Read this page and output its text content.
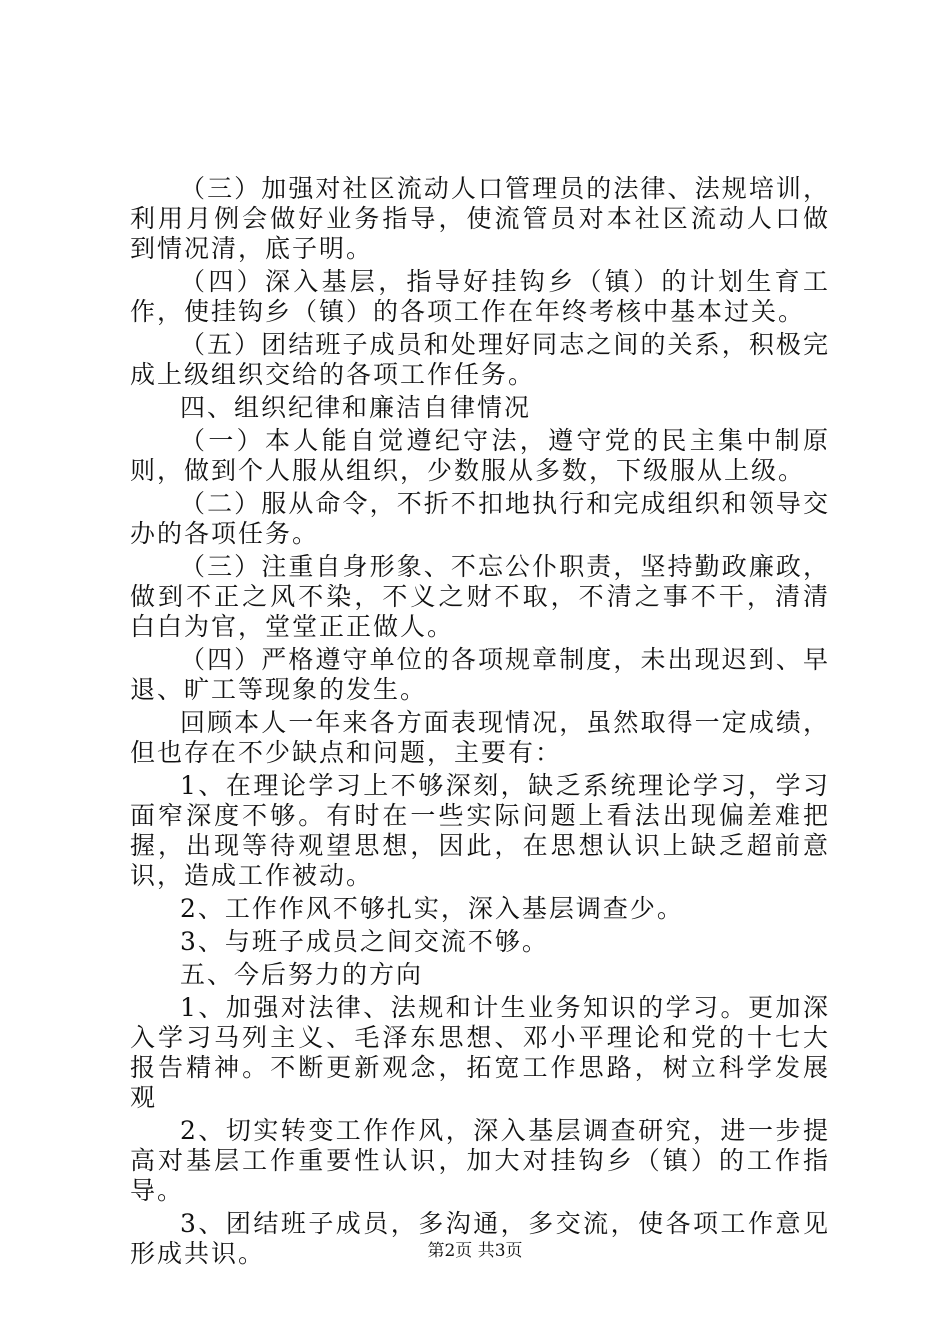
（三）加强对社区流动人口管理员的法律、法规培训，利用月例会做好业务指导，使流管员对本社区流动人口做到情况清，底子明。

（四）深入基层，指导好挂钩乡（镇）的计划生育工作，使挂钩乡（镇）的各项工作在年终考核中基本过关。

（五）团结班子成员和处理好同志之间的关系，积极完成上级组织交给的各项工作任务。

四、组织纪律和廉洁自律情况

（一）本人能自觉遵纪守法，遵守党的民主集中制原则，做到个人服从组织，少数服从多数，下级服从上级。

（二）服从命令，不折不扣地执行和完成组织和领导交办的各项任务。

（三）注重自身形象、不忘公仆职责，坚持勤政廉政，做到不正之风不染，不义之财不取，不清之事不干，清清白白为官，堂堂正正做人。

（四）严格遵守单位的各项规章制度，未出现迟到、早退、旷工等现象的发生。

回顾本人一年来各方面表现情况，虽然取得一定成绩，但也存在不少缺点和问题，主要有：

1、在理论学习上不够深刻，缺乏系统理论学习，学习面窄深度不够。有时在一些实际问题上看法出现偏差难把握，出现等待观望思想，因此，在思想认识上缺乏超前意识，造成工作被动。

2、工作作风不够扎实，深入基层调查少。

3、与班子成员之间交流不够。

五、今后努力的方向

1、加强对法律、法规和计生业务知识的学习。更加深入学习马列主义、毛泽东思想、邓小平理论和党的十七大报告精神。不断更新观念，拓宽工作思路，树立科学发展观

2、切实转变工作作风，深入基层调查研究，进一步提高对基层工作重要性认识，加大对挂钩乡（镇）的工作指导。

3、团结班子成员，多沟通，多交流，使各项工作意见形成共识。	第2页 共3页
